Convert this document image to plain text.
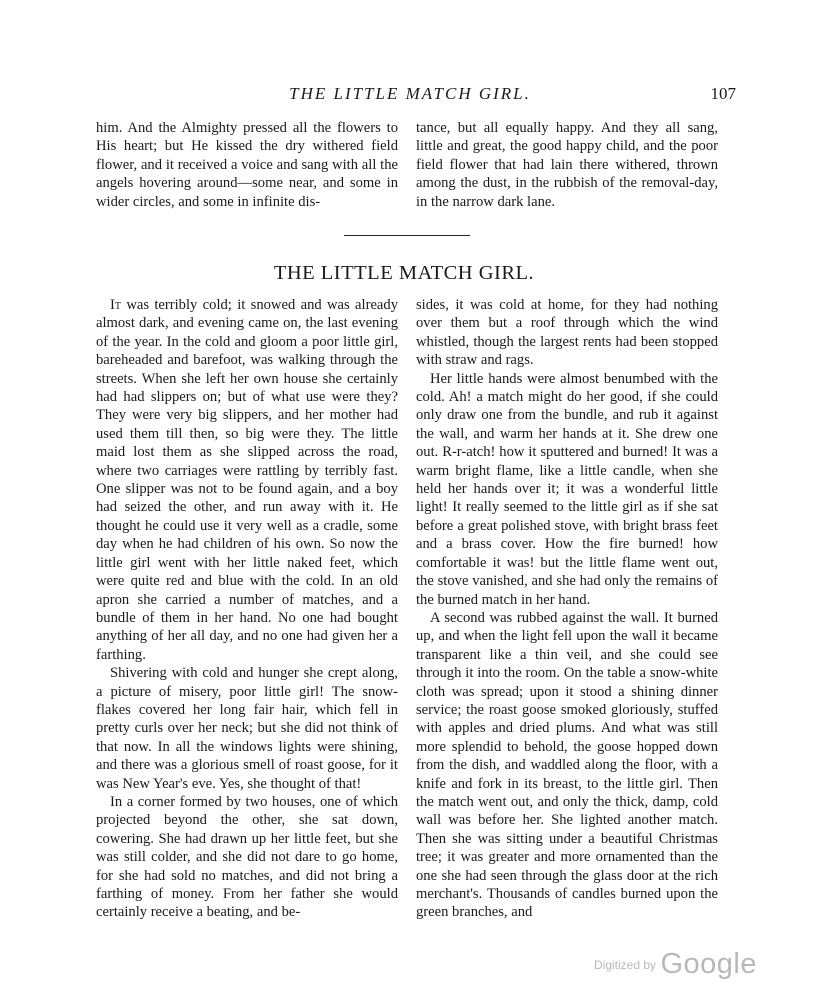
THE LITTLE MATCH GIRL.	107

him. And the Almighty pressed all the flowers to His heart; but He kissed the dry withered field flower, and it received a voice and sang with all the angels hovering around—some near, and some in wider circles, and some in infinite dis-

tance, but all equally happy. And they all sang, little and great, the good happy child, and the poor field flower that had lain there withered, thrown among the dust, in the rubbish of the removal-day, in the narrow dark lane.

THE LITTLE MATCH GIRL.

It was terribly cold; it snowed and was already almost dark, and evening came on, the last evening of the year. In the cold and gloom a poor little girl, bareheaded and barefoot, was walking through the streets. When she left her own house she certainly had had slippers on; but of what use were they? They were very big slippers, and her mother had used them till then, so big were they. The little maid lost them as she slipped across the road, where two carriages were rattling by terribly fast. One slipper was not to be found again, and a boy had seized the other, and run away with it. He thought he could use it very well as a cradle, some day when he had children of his own. So now the little girl went with her little naked feet, which were quite red and blue with the cold. In an old apron she carried a number of matches, and a bundle of them in her hand. No one had bought anything of her all day, and no one had given her a farthing.

Shivering with cold and hunger she crept along, a picture of misery, poor little girl! The snow-flakes covered her long fair hair, which fell in pretty curls over her neck; but she did not think of that now. In all the windows lights were shining, and there was a glorious smell of roast goose, for it was New Year's eve. Yes, she thought of that!

In a corner formed by two houses, one of which projected beyond the other, she sat down, cowering. She had drawn up her little feet, but she was still colder, and she did not dare to go home, for she had sold no matches, and did not bring a farthing of money. From her father she would certainly receive a beating, and be-

sides, it was cold at home, for they had nothing over them but a roof through which the wind whistled, though the largest rents had been stopped with straw and rags.

Her little hands were almost benumbed with the cold. Ah! a match might do her good, if she could only draw one from the bundle, and rub it against the wall, and warm her hands at it. She drew one out. R-r-atch! how it sputtered and burned! It was a warm bright flame, like a little candle, when she held her hands over it; it was a wonderful little light! It really seemed to the little girl as if she sat before a great polished stove, with bright brass feet and a brass cover. How the fire burned! how comfortable it was! but the little flame went out, the stove vanished, and she had only the remains of the burned match in her hand.

A second was rubbed against the wall. It burned up, and when the light fell upon the wall it became transparent like a thin veil, and she could see through it into the room. On the table a snow-white cloth was spread; upon it stood a shining dinner service; the roast goose smoked gloriously, stuffed with apples and dried plums. And what was still more splendid to behold, the goose hopped down from the dish, and waddled along the floor, with a knife and fork in its breast, to the little girl. Then the match went out, and only the thick, damp, cold wall was before her. She lighted another match. Then she was sitting under a beautiful Christmas tree; it was greater and more ornamented than the one she had seen through the glass door at the rich merchant's. Thousands of candles burned upon the green branches, and

$^{Digitized by}$ Google
